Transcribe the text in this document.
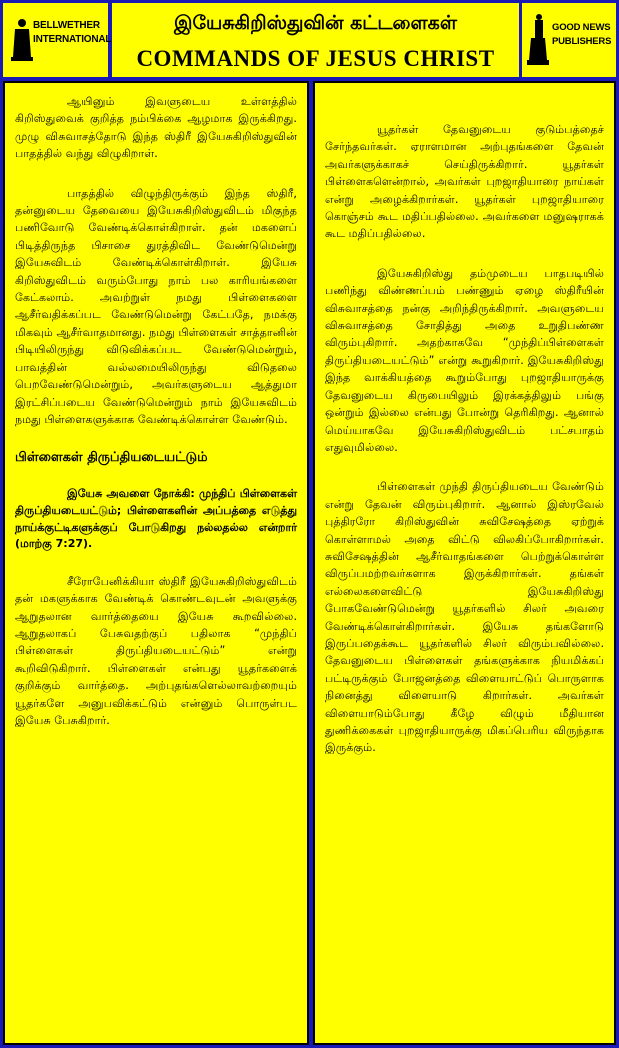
BELLWETHER
INTERNATIONAL
இயேசுகிறிஸ்துவின் கட்டளைகள்
COMMANDS OF JESUS CHRIST
GOOD NEWS
PUBLISHERS

ஆயினும் இவளுடைய உள்ளத்தில் கிறிஸ்துவைக் குறித்த நம்பிக்கை ஆழமாக இருக்கிறது. முழு விசுவாசத்தோடு இந்த ஸ்திரீ இயேசுகிறிஸ்துவின் பாதத்தில் வந்து விழுகிறாள்.

பாதத்தில் விழுந்திருக்கும் இந்த ஸ்திரீ, தன்னுடைய தேவையை இயேசுகிறிஸ்துவிடம் மிகுந்த பணிவோடு வேண்டிக்கொள்கிறாள். தன் மகளைப் பிடித்திருந்த பிசாசை துரத்திவிட வேண்டுமென்று இயேசுவிடம் வேண்டிக்கொள்கிறாள். இயேசு கிறிஸ்துவிடம் வரும்போது நாம் பல காரியங்களை கேட்கலாம். அவற்றுள் நமது பிள்ளைகளை ஆசீர்வதிக்கப்பட வேண்டுமென்று கேட்பதே, நமக்கு மிகவும் ஆசீர்வாதமானது. நமது பிள்ளைகள் சாத்தானின் பிடியிலிருந்து விடுவிக்கப்பட வேண்டுமென்றும், பாவத்தின் வல்லமையிலிருந்து விடுதலை பெறவேண்டுமென்றும், அவர்களுடைய ஆத்துமா இரட்சிப்படைய வேண்டுமென்றும் நாம் இயேசுவிடம் நமது பிள்ளைகளுக்காக வேண்டிக்கொள்ள வேண்டும்.

பிள்ளைகள் திருப்தியடையட்டும்

இயேசு அவளை நோக்கி: முந்திப் பிள்ளைகள் திருப்தியடையட்டும்; பிள்ளைகளின் அப்பத்தை எடுத்து நாய்க்குட்டிகளுக்குப் போடுகிறது நல்லதல்ல என்றார் (மாற்கு 7:27).

சீரோபேனிக்கியா ஸ்திரீ இயேசுகிறிஸ்துவிடம் தன் மகளுக்காக வேண்டிக் கொண்டவுடன் அவளுக்கு ஆறுதலான வார்த்தையை இயேசு கூறவில்லை. ஆறுதலாகப் பேசுவதற்குப் பதிலாக “முந்திப் பிள்ளைகள் திருப்தியடையட்டும்” என்று கூறிவிடுகிறார். பிள்ளைகள் என்பது யூதர்களைக் குறிக்கும் வார்த்தை. அற்புதங்களெல்லாவற்றையும் யூதர்களே அனுபவிக்கட்டும் என்னும் பொருள்பட இயேசு பேசுகிறார்.

யூதர்கள் தேவனுடைய குடும்பத்தைச் சேர்ந்தவர்கள். ஏராளமான அற்புதங்களை தேவன் அவர்களுக்காகச் செய்திருக்கிறார். யூதர்கள் பிள்ளைகளென்றால், அவர்கள் புறஜாதியாரை நாய்கள் என்று அழைக்கிறார்கள். யூதர்கள் புறஜாதியாரை கொஞ்சம் கூட மதிப்பதில்லை. அவர்களை மனுஷராகக் கூட மதிப்பதில்லை.

இயேசுகிறிஸ்து தம்முடைய பாதபடியில் பணிந்து விண்ணப்பம் பண்ணும் ஏழை ஸ்திரீயின் விசுவாசத்தை நன்கு அறிந்திருக்கிறார். அவளுடைய விசுவாசத்தை சோதித்து அதை உறுதிபண்ண விரும்புகிறார். அதற்காகவே “முந்திப்பிள்ளைகள் திருப்தியடையட்டும்” என்று கூறுகிறார். இயேசுகிறிஸ்து இந்த வாக்கியத்தை கூறும்போது புறஜாதியாருக்கு தேவனுடைய கிருபையிலும் இரக்கத்திலும் பங்கு ஒன்றும் இல்லை என்பது போன்று தெரிகிறது. ஆனால் மெய்யாகவே இயேசுகிறிஸ்துவிடம் பட்சபாதம் எதுவுமில்லை.

பிள்ளைகள் முந்தி திருப்தியடைய வேண்டும் என்று தேவன் விரும்புகிறார். ஆனால் இஸ்ரவேல் புத்திரரோ கிறிஸ்துவின் சுவிசேஷத்தை ஏற்றுக் கொள்ளாமல் அதை விட்டு விலகிப்போகிறார்கள். சுவிசேஷத்தின் ஆசீர்வாதங்களை பெற்றுக்கொள்ள விருப்பமற்றவர்களாக இருக்கிறார்கள். தங்கள் எல்லைகளைவிட்டு இயேசுகிறிஸ்து போகவேண்டுமென்று யூதர்களில் சிலர் அவரை வேண்டிக்கொள்கிறார்கள். இயேசு தங்களோடு இருப்பதைக்கூட யூதர்களில் சிலர் விரும்பவில்லை. தேவனுடைய பிள்ளைகள் தங்களுக்காக நியமிக்கப் பட்டிருக்கும் போஜனத்தை விளையாட்டுப் பொருளாக நினைத்து விளையாடு கிறார்கள். அவர்கள் விளையாடும்போது கீழே விழும் மீதியான துணிக்கைகள் புறஜாதியாருக்கு மிகப்பெரிய விருந்தாக இருக்கும்.
